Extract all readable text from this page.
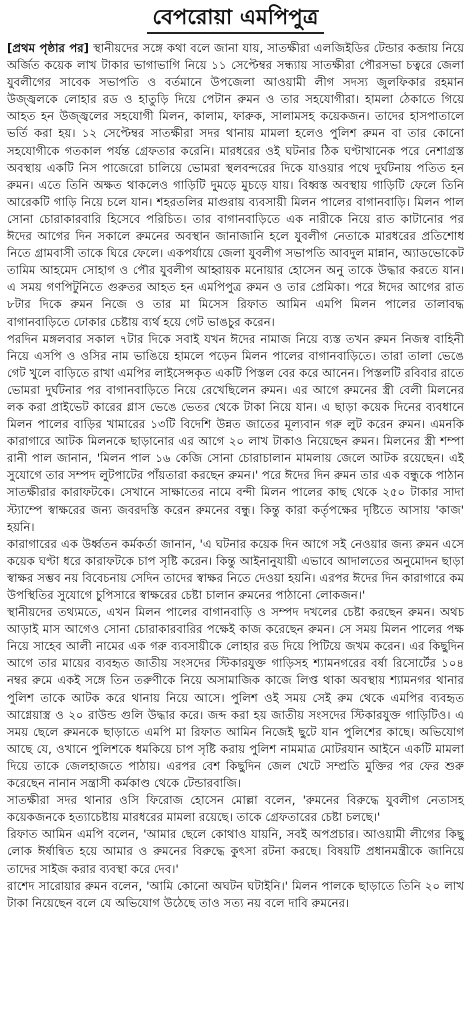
বেপরোয়া এমপিপুত্র

[প্রথম পৃষ্ঠার পর] স্থানীয়দের সঙ্গে কথা বলে জানা যায়, সাতক্ষীরা এলজিইডির টেন্ডার কব্জায় নিয়ে অর্জিত কয়েক লাখ টাকার ভাগাভাগি নিয়ে ১১ সেপ্টেম্বর সন্ধ্যায় সাতক্ষীরা পৌরসভা চত্বরে জেলা যুবলীগের সাবেক সভাপতি ও বর্তমানে উপজেলা আওয়ামী লীগ সদস্য জুলফিকার রহমান উজ্জ্বলকে লোহার রড ও হাতুড়ি দিয়ে পেটান রুমন ও তার সহযোগীরা। হামলা ঠেকাতে গিয়ে আহত হন উজ্জ্বলের সহযোগী মিলন, কালাম, ফারুক, সালামসহ কয়েকজন। তাদের হাসপাতালে ভর্তি করা হয়। ১২ সেপ্টেম্বর সাতক্ষীরা সদর থানায় মামলা হলেও পুলিশ রুমন বা তার কোনো সহযোগীকে গতকাল পর্যন্ত গ্রেফতার করেনি। মারধরের ওই ঘটনার ঠিক ঘণ্টাখানেক পরে নেশাগ্রস্ত অবস্থায় একটি নিস পাজেরো চালিয়ে ভোমরা স্থলবন্দরের দিকে যাওয়ার পথে দুর্ঘটনায় পতিত হন রুমন। এতে তিনি অক্ষত থাকলেও গাড়িটি দুমড়ে মুচড়ে যায়। বিধ্বস্ত অবস্থায় গাড়িটি ফেলে তিনি আরেকটি গাড়ি নিয়ে চলে যান। শহরতলির মাগুরায় ব্যবসায়ী মিলন পালের বাগানবাড়ি। মিলন পাল সোনা চোরাকারবারি হিসেবে পরিচিত। তার বাগানবাড়িতে এক নারীকে নিয়ে রাত কাটানোর পর ঈদের আগের দিন সকালে রুমনের অবস্থান জানাজানি হলে যুবলীগ নেতাকে মারধরের প্রতিশোধ নিতে গ্রামবাসী তাকে ঘিরে ফেলে। একপর্যায়ে জেলা যুবলীগ সভাপতি আবদুল মান্নান, অ্যাডভোকেট তামিম আহমেদ সোহাগ ও পৌর যুবলীগ আহ্বায়ক মনোয়ার হোসেন অনু তাকে উদ্ধার করতে যান। এ সময় গণপিটুনিতে গুরুতর আহত হন এমপিপুত্র রুমন ও তার প্রেমিকা। পরে ঈদের আগের রাত ৮টার দিকে রুমন নিজে ও তার মা মিসেস রিফাত আমিন এমপি মিলন পালের তালাবদ্ধ বাগানবাড়িতে ঢোকার চেষ্টায় ব্যর্থ হয়ে গেট ভাঙচুর করেন।

পরদিন মঙ্গলবার সকাল ৭টার দিকে সবাই যখন ঈদের নামাজ নিয়ে ব্যস্ত তখন রুমন নিজস্ব বাহিনী নিয়ে এসপি ও ওসির নাম ভাঙিয়ে হামলে পড়েন মিলন পালের বাগানবাড়িতে। তারা তালা ভেঙে গেট খুলে বাড়িতে রাখা এমপির লাইসেন্সকৃত একটি পিস্তল বের করে আনেন। পিস্তলটি রবিবার রাতে ভোমরা দুর্ঘটনার পর বাগানবাড়িতে নিয়ে রেখেছিলেন রুমন। এর আগে রুমনের স্ত্রী বেলী মিলনের লক করা প্রাইভেট কারের গ্লাস ভেঙে ভেতর থেকে টাকা নিয়ে যান। এ ছাড়া কয়েক দিনের ব্যবধানে মিলন পালের বাড়ির খামারের ১৩টি বিদেশি উন্নত জাতের মূল্যবান গরু লুট করেন রুমন। এমনকি কারাগারে আটক মিলনকে ছাড়ানোর এর আগে ২০ লাখ টাকাও নিয়েছেন রুমন। মিলনের স্ত্রী শম্পা রানী পাল জানান, 'মিলন পাল ১৬ কেজি সোনা চোরাচালান মামলায় জেলে আটক রয়েছেন। এই সুযোগে তার সম্পদ লুটপাটের পাঁয়তারা করছেন রুমন।' পরে ঈদের দিন রুমন তার এক বন্ধুকে পাঠান সাতক্ষীরার কারাফটকে। সেখানে সাক্ষাতের নামে বন্দী মিলন পালের কাছ থেকে ২৫০ টাকার সাদা স্ট্যাম্পে স্বাক্ষরের জন্য জবরদস্তি করেন রুমনের বন্ধু। কিন্তু কারা কর্তৃপক্ষের দৃষ্টিতে আসায় 'কাজ' হয়নি।

কারাগারের এক উর্ধ্বতন কর্মকর্তা জানান, 'এ ঘটনার কয়েক দিন আগে সই নেওয়ার জন্য রুমন এসে কয়েক ঘণ্টা ধরে কারাফটকে চাপ সৃষ্টি করেন। কিন্তু আইনানুযায়ী এভাবে আদালতের অনুমোদন ছাড়া স্বাক্ষর সম্ভব নয় বিবেচনায় সেদিন তাদের স্বাক্ষর নিতে দেওয়া হয়নি। এরপর ঈদের দিন কারাগারে কম উপস্থিতির সুযোগে চুপিসারে স্বাক্ষরের চেষ্টা চালান রুমনের পাঠানো লোকজন।'

স্থানীয়দের তথ্যমতে, এখন মিলন পালের বাগানবাড়ি ও সম্পদ দখলের চেষ্টা করছেন রুমন। অথচ আড়াই মাস আগেও সোনা চোরাকারবারির পক্ষেই কাজ করেছেন রুমন। সে সময় মিলন পালের পক্ষ নিয়ে সাহেব আলী নামের এক গরু ব্যবসায়ীকে লোহার রড দিয়ে পিটিয়ে জখম করেন। এর কিছুদিন আগে তার মায়ের ব্যবহৃত জাতীয় সংসদের স্টিকারযুক্ত গাড়িসহ শ্যামনগরের বর্ষা রিসোর্টের ১০৪ নম্বর রুমে একই সঙ্গে তিন তরুণীকে নিয়ে অসামাজিক কাজে লিপ্ত থাকা অবস্থায় শ্যামনগর থানার পুলিশ তাকে আটক করে থানায় নিয়ে আসে। পুলিশ ওই সময় সেই রুম থেকে এমপির ব্যবহৃত আগ্নেয়াস্ত্র ও ২০ রাউন্ড গুলি উদ্ধার করে। জব্দ করা হয় জাতীয় সংসদের স্টিকারযুক্ত গাড়িটিও। এ সময় ছেলে রুমনকে ছাড়াতে এমপি মা রিফাত আমিন নিজেই ছুটে যান পুলিশের কাছে। অভিযোগ আছে যে, ওখানে পুলিশকে ধমকিয়ে চাপ সৃষ্টি করায় পুলিশ নামমাত্র মোটরযান আইনে একটি মামলা দিয়ে তাকে জেলহাজতে পাঠায়। এরপর বেশ কিছুদিন জেল খেটে সম্প্রতি মুক্তির পর ফের শুরু করেছেন নানান সন্ত্রাসী কর্মকাণ্ড থেকে টেন্ডারবাজি।

সাতক্ষীরা সদর থানার ওসি ফিরোজ হোসেন মোল্লা বলেন, 'রুমনের বিরুদ্ধে যুবলীগ নেতাসহ কয়েকজনকে হত্যাচেষ্টায় মারধরের মামলা রয়েছে। তাকে গ্রেফতারের চেষ্টা চলছে।'

রিফাত আমিন এমপি বলেন, 'আমার ছেলে কোথাও যায়নি, সবই অপপ্রচার। আওয়ামী লীগের কিছু লোক ঈর্ষান্বিত হয়ে আমার ও রুমনের বিরুদ্ধে কুৎসা রটনা করছে। বিষয়টি প্রধানমন্ত্রীকে জানিয়ে তাদের সাইজ করার ব্যবস্থা করে দেব।'

রাশেদ সারোয়ার রুমন বলেন, 'আমি কোনো অঘটন ঘটাইনি।' মিলন পালকে ছাড়াতে তিনি ২০ লাখ টাকা নিয়েছেন বলে যে অভিযোগ উঠেছে তাও সত্য নয় বলে দাবি রুমনের।
